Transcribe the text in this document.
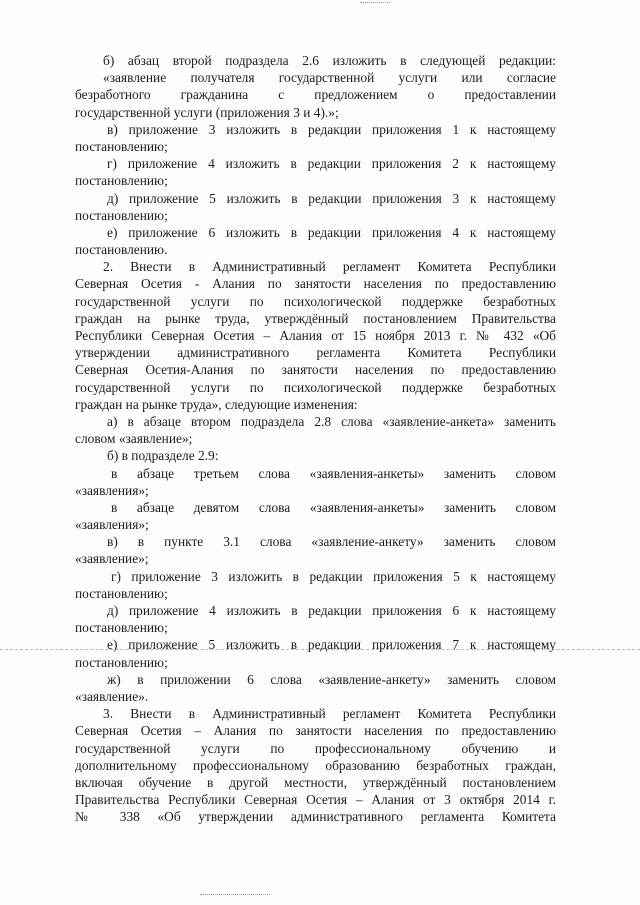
б) абзац второй подраздела 2.6 изложить в следующей редакции:
«заявление получателя государственной услуги или согласие
безработного гражданина с предложением о предоставлении
государственной услуги (приложения 3 и 4).»;
в) приложение 3 изложить в редакции приложения 1 к настоящему
постановлению;
г) приложение 4 изложить в редакции приложения 2 к настоящему
постановлению;
д) приложение 5 изложить в редакции приложения 3 к настоящему
постановлению;
е) приложение 6 изложить в редакции приложения 4 к настоящему
постановлению.
2. Внести в Административный регламент Комитета Республики
Северная Осетия - Алания по занятости населения по предоставлению
государственной услуги по психологической поддержке безработных
граждан на рынке труда, утверждённый постановлением Правительства
Республики Северная Осетия – Алания от 15 ноября 2013 г. № 432 «Об
утверждении административного регламента Комитета Республики
Северная Осетия-Алания по занятости населения по предоставлению
государственной услуги по психологической поддержке безработных
граждан на рынке труда», следующие изменения:
а) в абзаце втором подраздела 2.8 слова «заявление-анкета» заменить
словом «заявление»;
б) в подразделе 2.9:
в абзаце третьем слова «заявления-анкеты» заменить словом
«заявления»;
в абзаце девятом слова «заявления-анкеты» заменить словом
«заявления»;
в) в пункте 3.1 слова «заявление-анкету» заменить словом
«заявление»;
г) приложение 3 изложить в редакции приложения 5 к настоящему
постановлению;
д) приложение 4 изложить в редакции приложения 6 к настоящему
постановлению;
е) приложение 5 изложить в редакции приложения 7 к настоящему
постановлению;
ж) в приложении 6 слова «заявление-анкету» заменить словом
«заявление».
3. Внести в Административный регламент Комитета Республики
Северная Осетия – Алания по занятости населения по предоставлению
государственной услуги по профессиональному обучению и
дополнительному профессиональному образованию безработных граждан,
включая обучение в другой местности, утверждённый постановлением
Правительства Республики Северная Осетия – Алания от 3 октября 2014 г.
№ 338 «Об утверждении административного регламента Комитета
